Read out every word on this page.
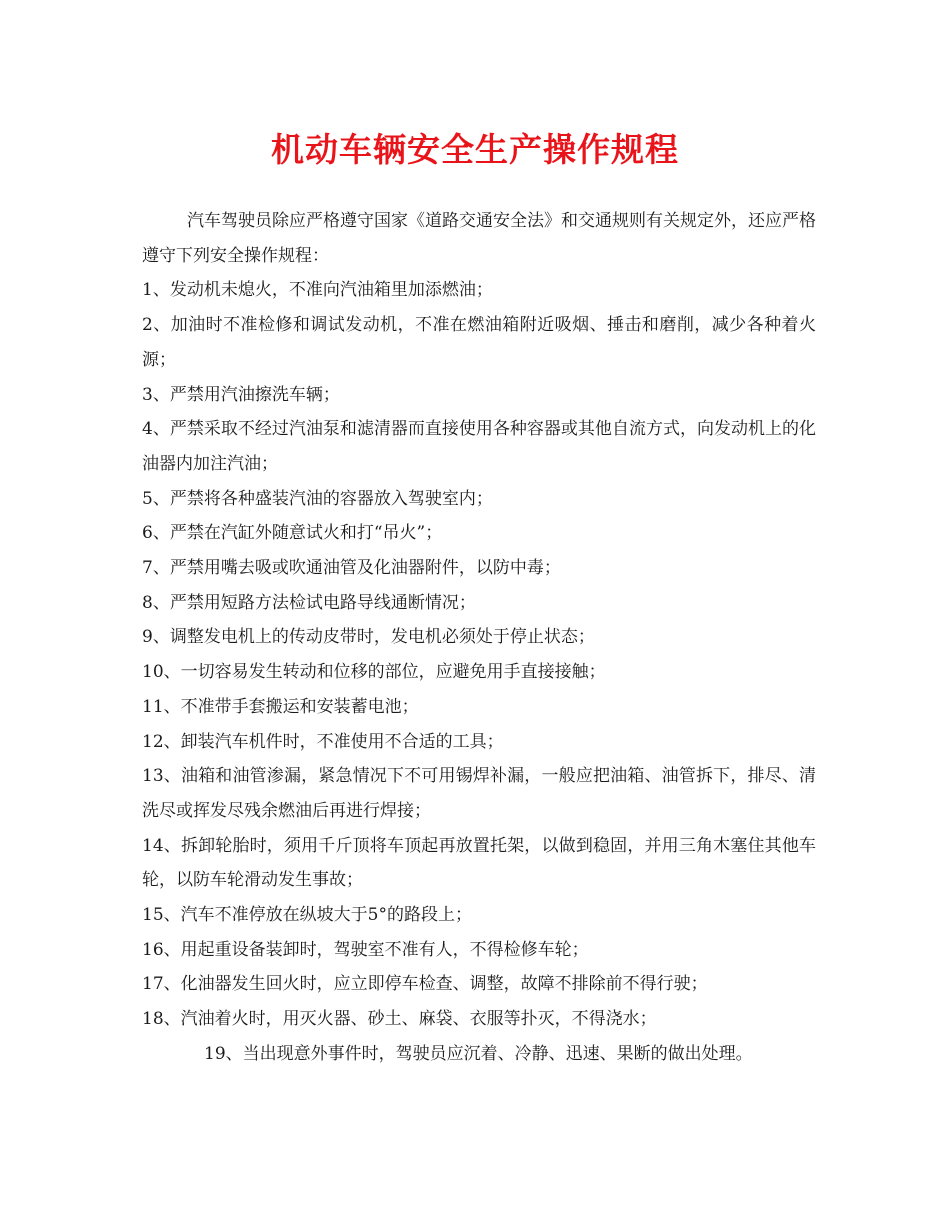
机动车辆安全生产操作规程

汽车驾驶员除应严格遵守国家《道路交通安全法》和交通规则有关规定外，还应严格遵守下列安全操作规程：

1、发动机未熄火，不准向汽油箱里加添燃油；

2、加油时不准检修和调试发动机，不准在燃油箱附近吸烟、捶击和磨削，减少各种着火源；

3、严禁用汽油擦洗车辆；

4、严禁采取不经过汽油泵和滤清器而直接使用各种容器或其他自流方式，向发动机上的化油器内加注汽油；

5、严禁将各种盛装汽油的容器放入驾驶室内；

6、严禁在汽缸外随意试火和打“吊火”；

7、严禁用嘴去吸或吹通油管及化油器附件，以防中毒；

8、严禁用短路方法检试电路导线通断情况；

9、调整发电机上的传动皮带时，发电机必须处于停止状态；

10、一切容易发生转动和位移的部位，应避免用手直接接触；

11、不准带手套搬运和安装蓄电池；

12、卸装汽车机件时，不准使用不合适的工具；

13、油箱和油管渗漏，紧急情况下不可用锡焊补漏，一般应把油箱、油管拆下，排尽、清洗尽或挥发尽残余燃油后再进行焊接；

14、拆卸轮胎时，须用千斤顶将车顶起再放置托架，以做到稳固，并用三角木塞住其他车轮，以防车轮滑动发生事故；

15、汽车不准停放在纵坡大于5°的路段上；

16、用起重设备装卸时，驾驶室不准有人，不得检修车轮；

17、化油器发生回火时，应立即停车检查、调整，故障不排除前不得行驶；

18、汽油着火时，用灭火器、砂土、麻袋、衣服等扑灭，不得浇水；

19、当出现意外事件时，驾驶员应沉着、冷静、迅速、果断的做出处理。
